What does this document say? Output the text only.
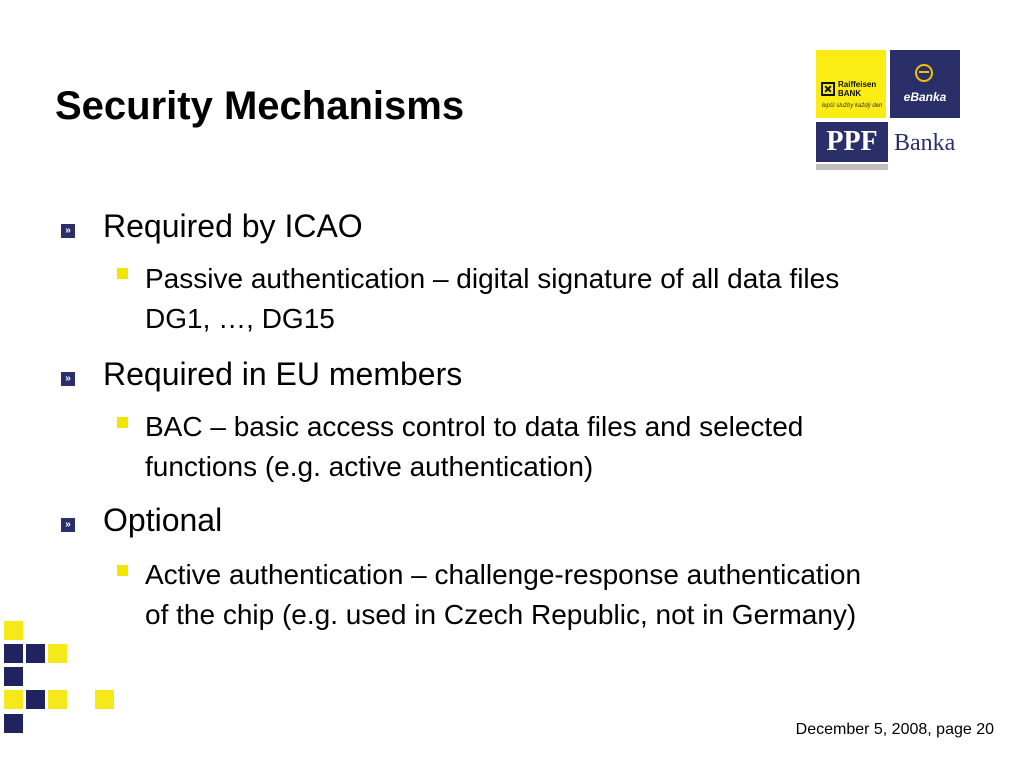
Security Mechanisms	Raiffeisen
BANK
lepší služby každý den
eBanka
PPF Banka
» Required by ICAO
Passive authentication – digital signature of all data files DG1, …, DG15
» Required in EU members
BAC – basic access control to data files and selected functions (e.g. active authentication)
» Optional
Active authentication – challenge-response authentication of the chip (e.g. used in Czech Republic, not in Germany)
December 5, 2008, page 20
